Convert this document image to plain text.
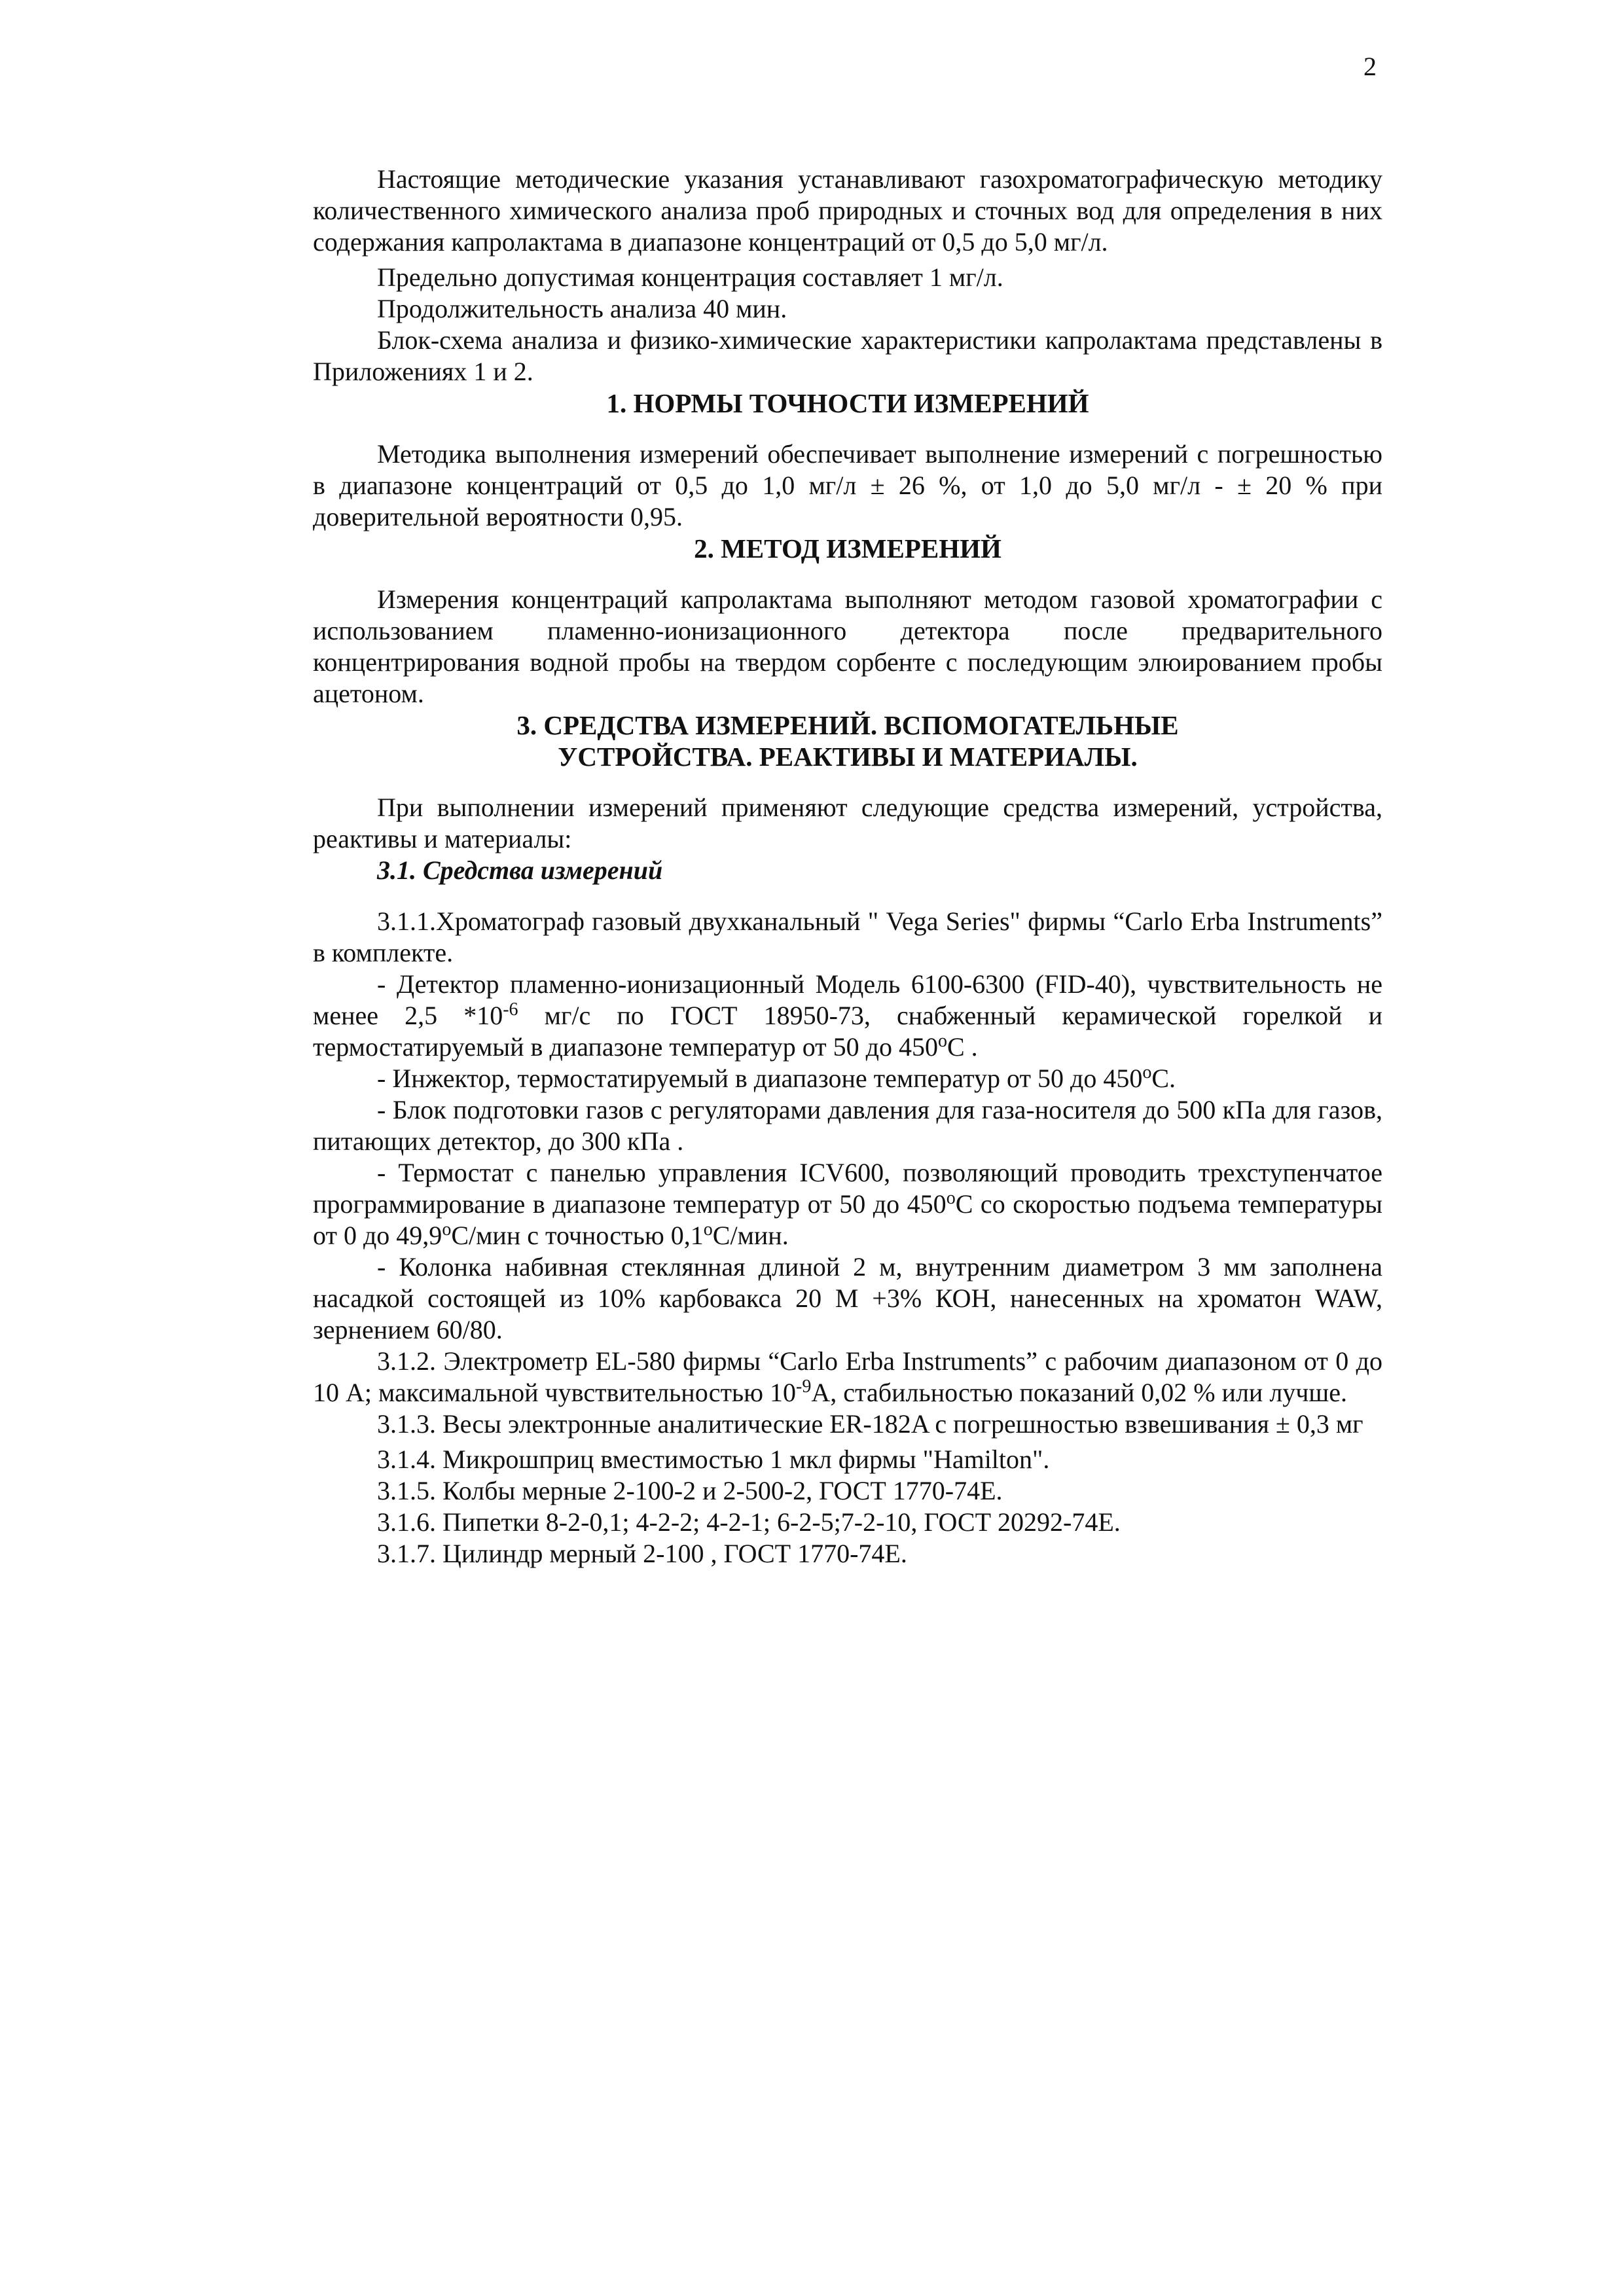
2

Настоящие методические указания устанавливают газохроматографическую методику количественного химического анализа проб природных и сточных вод для определения в них содержания капролактама в диапазоне концентраций от 0,5 до 5,0 мг/л.

Предельно допустимая концентрация составляет 1 мг/л.

Продолжительность анализа 40 мин.

Блок-схема анализа и физико-химические характеристики капролактама представлены в Приложениях 1 и 2.

1. НОРМЫ ТОЧНОСТИ ИЗМЕРЕНИЙ

Методика выполнения измерений обеспечивает выполнение измерений с погрешностью в диапазоне концентраций от 0,5 до 1,0 мг/л ± 26 %, от 1,0 до 5,0 мг/л - ± 20 % при доверительной вероятности 0,95.

2. МЕТОД ИЗМЕРЕНИЙ

Измерения концентраций капролактама выполняют методом газовой хроматографии с использованием пламенно-ионизационного детектора после предварительного концентрирования водной пробы на твердом сорбенте с последующим элюированием пробы ацетоном.

3. СРЕДСТВА ИЗМЕРЕНИЙ. ВСПОМОГАТЕЛЬНЫЕ
УСТРОЙСТВА. РЕАКТИВЫ И МАТЕРИАЛЫ.

При выполнении измерений применяют следующие средства измерений, устройства, реактивы и материалы:

3.1. Средства измерений

3.1.1.Хроматограф газовый двухканальный " Vega Series" фирмы “Carlo Erba Instruments” в комплекте.

- Детектор пламенно-ионизационный Модель 6100-6300 (FID-40), чувствительность не менее 2,5 $*10^{-6}$ мг/с по ГОСТ 18950-73, снабженный керамической горелкой и термостатируемый в диапазоне температур от 50 до $450^оС$ .

- Инжектор, термостатируемый в диапазоне температур от 50 до $450^оС$.

- Блок подготовки газов с регуляторами давления для газа-носителя до 500 кПа для газов, питающих детектор, до 300 кПа .

- Термостат с панелью управления ICV600, позволяющий проводить трехступенчатое программирование в диапазоне температур от 50 до $450^оС$ со скоростью подъема температуры от 0 до $49,9^оС$/мин с точностью $0,1^оС$/мин.

- Колонка набивная стеклянная длиной 2 м, внутренним диаметром 3 мм заполнена насадкой состоящей из 10% карбовакса 20 М +3% КОН, нанесенных на хроматон WAW, зернением 60/80.

3.1.2. Электрометр EL-580 фирмы “Carlo Erba Instruments” с рабочим диапазоном от 0 до 10 А; максимальной чувствительностью $10^{-9}А$, стабильностью показаний 0,02 % или лучше.

3.1.3. Весы электронные аналитические ER-182A с погрешностью взвешивания ± 0,3 мг

3.1.4. Микрошприц вместимостью 1 мкл фирмы "Hamilton".

3.1.5. Колбы мерные 2-100-2 и 2-500-2, ГОСТ 1770-74Е.

3.1.6. Пипетки 8-2-0,1; 4-2-2; 4-2-1; 6-2-5;7-2-10, ГОСТ 20292-74Е.

3.1.7. Цилиндр мерный 2-100 , ГОСТ 1770-74Е.
